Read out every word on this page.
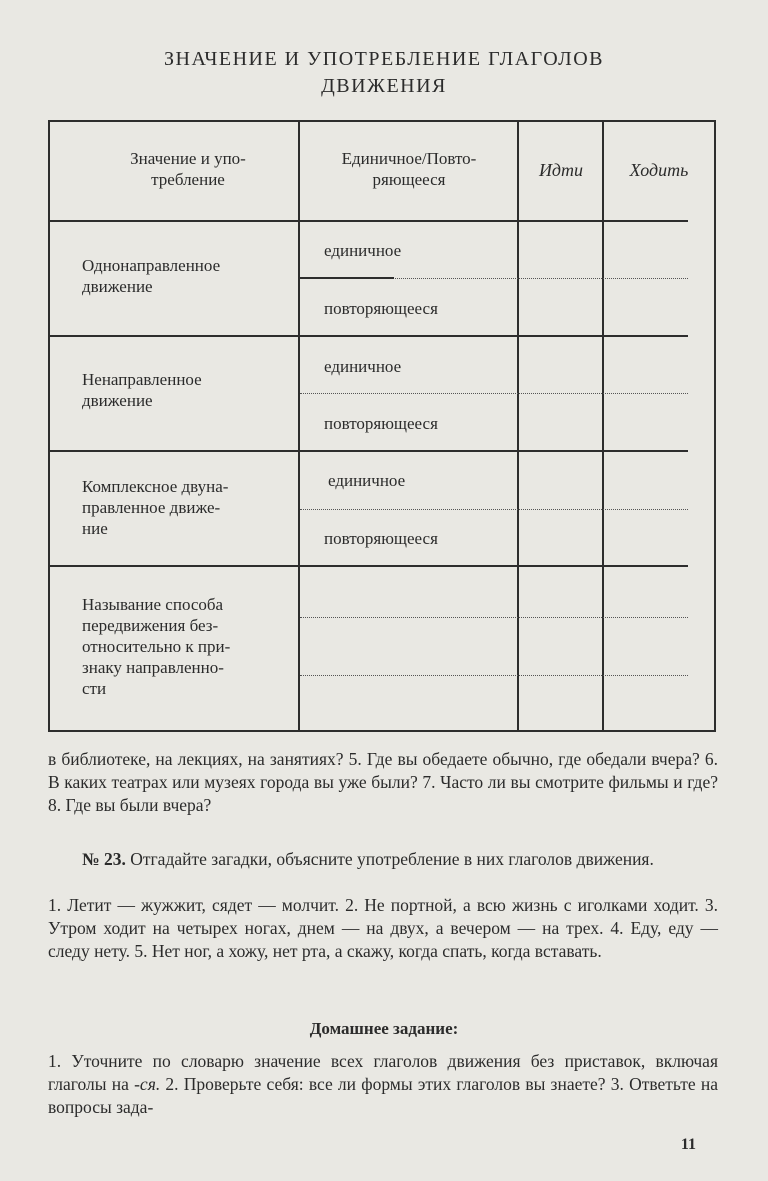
ЗНАЧЕНИЕ И УПОТРЕБЛЕНИЕ ГЛАГОЛОВ
ДВИЖЕНИЯ
Значение и упо-
требление
Единичное/Повто-
ряющееся	Идти	Ходить
Однонаправленное
движение
единичное
повторяющееся
Ненаправленное
движение
единичное
повторяющееся
Комплексное двуна-
правленное движе-
ние
единичное
повторяющееся
Называние способа
передвижения без-
относительно к при-
знаку направленно-
сти
в библиотеке, на лекциях, на занятиях? 5. Где вы обедаете обычно, где обедали вчера? 6. В каких театрах или музеях города вы уже были? 7. Часто ли вы смотрите фильмы и где? 8. Где вы были вчера?
№ 23. Отгадайте загадки, объясните употребление в них глаголов движения.
1. Летит — жужжит, сядет — молчит. 2. Не портной, а всю жизнь с иголками ходит. 3. Утром ходит на четырех ногах, днем — на двух, а вечером — на трех. 4. Еду, еду — следу нету. 5. Нет ног, а хожу, нет рта, а скажу, когда спать, когда вставать.
Домашнее задание:
1. Уточните по словарю значение всех глаголов движения без приставок, включая глаголы на -ся. 2. Проверьте себя: все ли формы этих глаголов вы знаете? 3. Ответьте на вопросы зада-
11
